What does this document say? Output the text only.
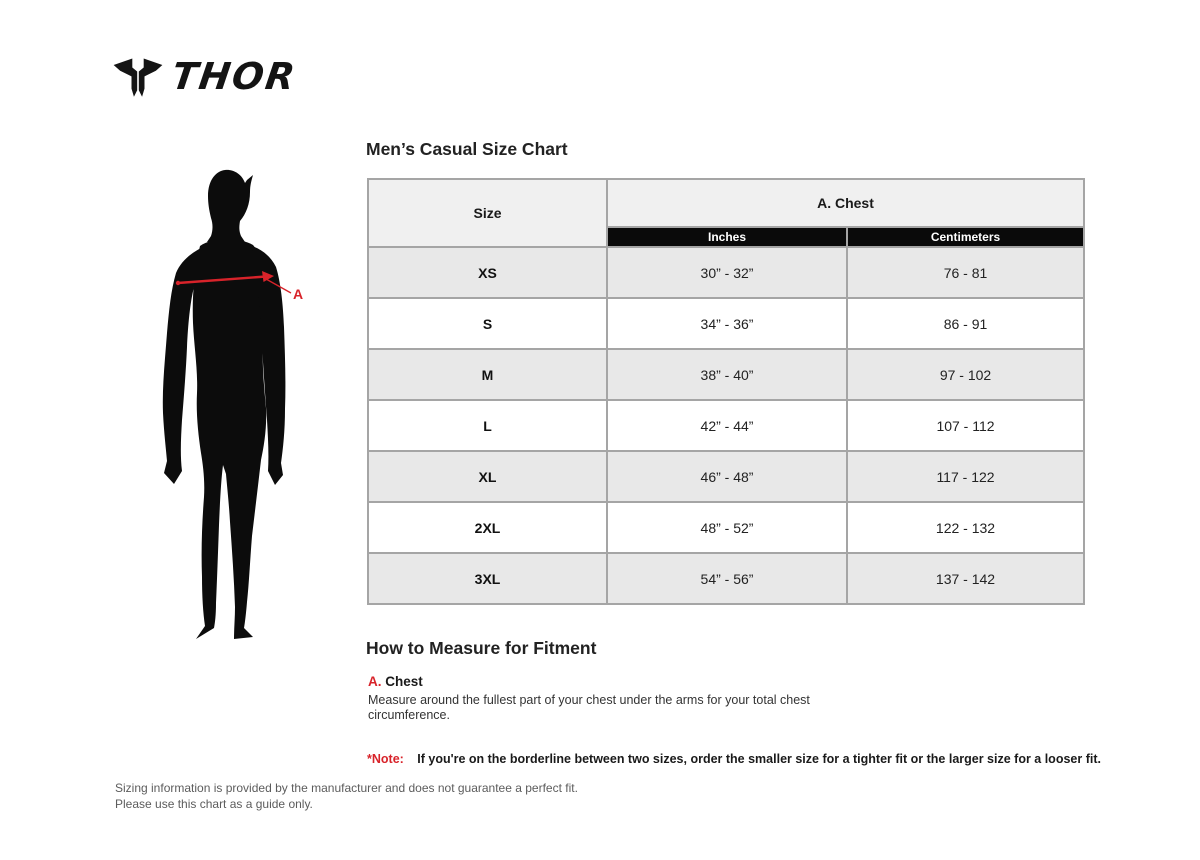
THOR
A
Men’s Casual Size Chart
Size
A. Chest
Inches	Centimeters
XS	30” - 32”	76 - 81
S	34” - 36”	86 - 91
M	38” - 40”	97 - 102
L	42” - 44”	107 - 112
XL	46” - 48”	117 - 122
2XL	48” - 52”	122 - 132
3XL	54” - 56”	137 - 142
How to Measure for Fitment
A. Chest
Measure around the fullest part of your chest under the arms for your total chest circumference.
*Note: If you're on the borderline between two sizes, order the smaller size for a tighter fit or the larger size for a looser fit.
Sizing information is provided by the manufacturer and does not guarantee a perfect fit.
Please use this chart as a guide only.
